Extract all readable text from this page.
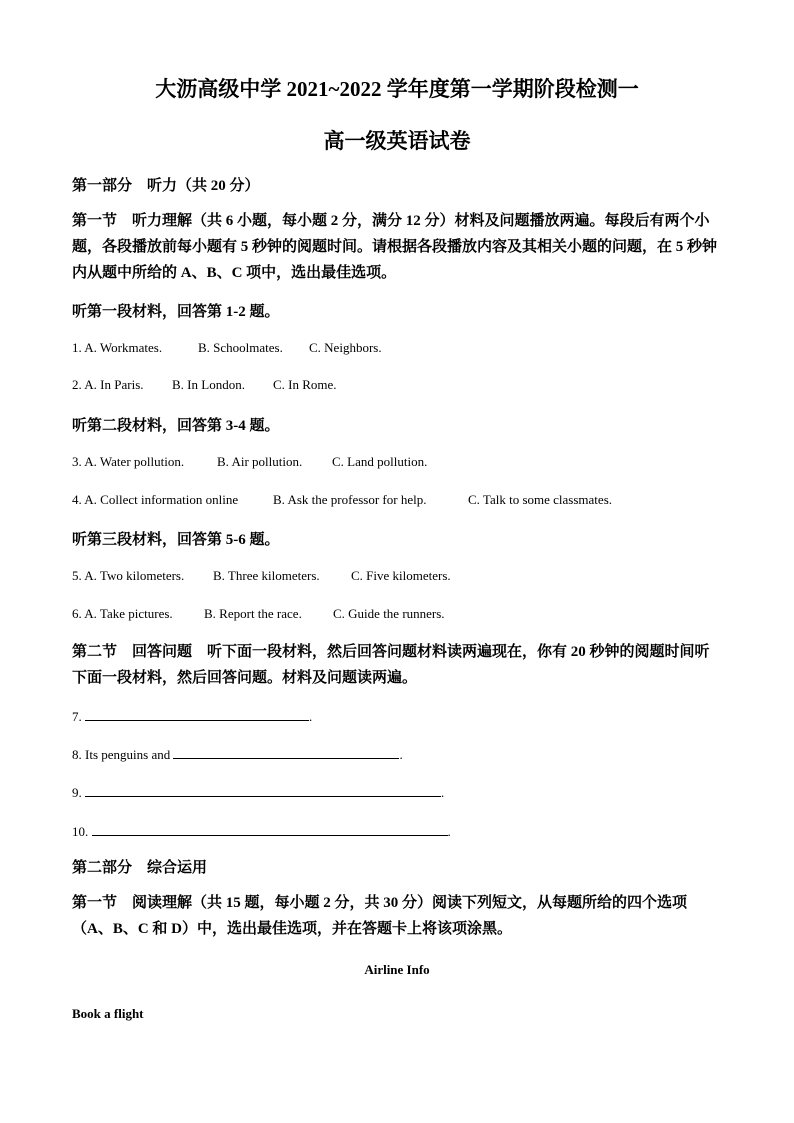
大沥高级中学 2021~2022 学年度第一学期阶段检测一
高一级英语试卷
第一部分　听力（共 20 分）
第一节　听力理解（共 6 小题，每小题 2 分，满分 12 分）材料及问题播放两遍。每段后有两个小题，各段播放前每小题有 5 秒钟的阅题时间。请根据各段播放内容及其相关小题的问题，在 5 秒钟内从题中所给的 A、B、C 项中，选出最佳选项。
听第一段材料，回答第 1-2 题。
1. A. Workmates.	B. Schoolmates. C. Neighbors.
2. A. In Paris. B. In London. C. In Rome.
听第二段材料，回答第 3-4 题。
3. A. Water pollution.	B. Air pollution. C. Land pollution.
4. A. Collect information online	B. Ask the professor for help.	C. Talk to some classmates.
听第三段材料，回答第 5-6 题。
5. A. Two kilometers. B. Three kilometers. C. Five kilometers.
6. A. Take pictures. B. Report the race. C. Guide the runners.
第二节　回答问题　听下面一段材料，然后回答问题材料读两遍现在，你有 20 秒钟的阅题时间听下面一段材料，然后回答问题。材料及问题读两遍。
7.	.
8. Its penguins and	.
9.	.
10.	.
第二部分　综合运用
第一节　阅读理解（共 15 题，每小题 2 分，共 30 分）阅读下列短文，从每题所给的四个选项（A、B、C 和 D）中，选出最佳选项，并在答题卡上将该项涂黑。
Airline Info
Book a flight
